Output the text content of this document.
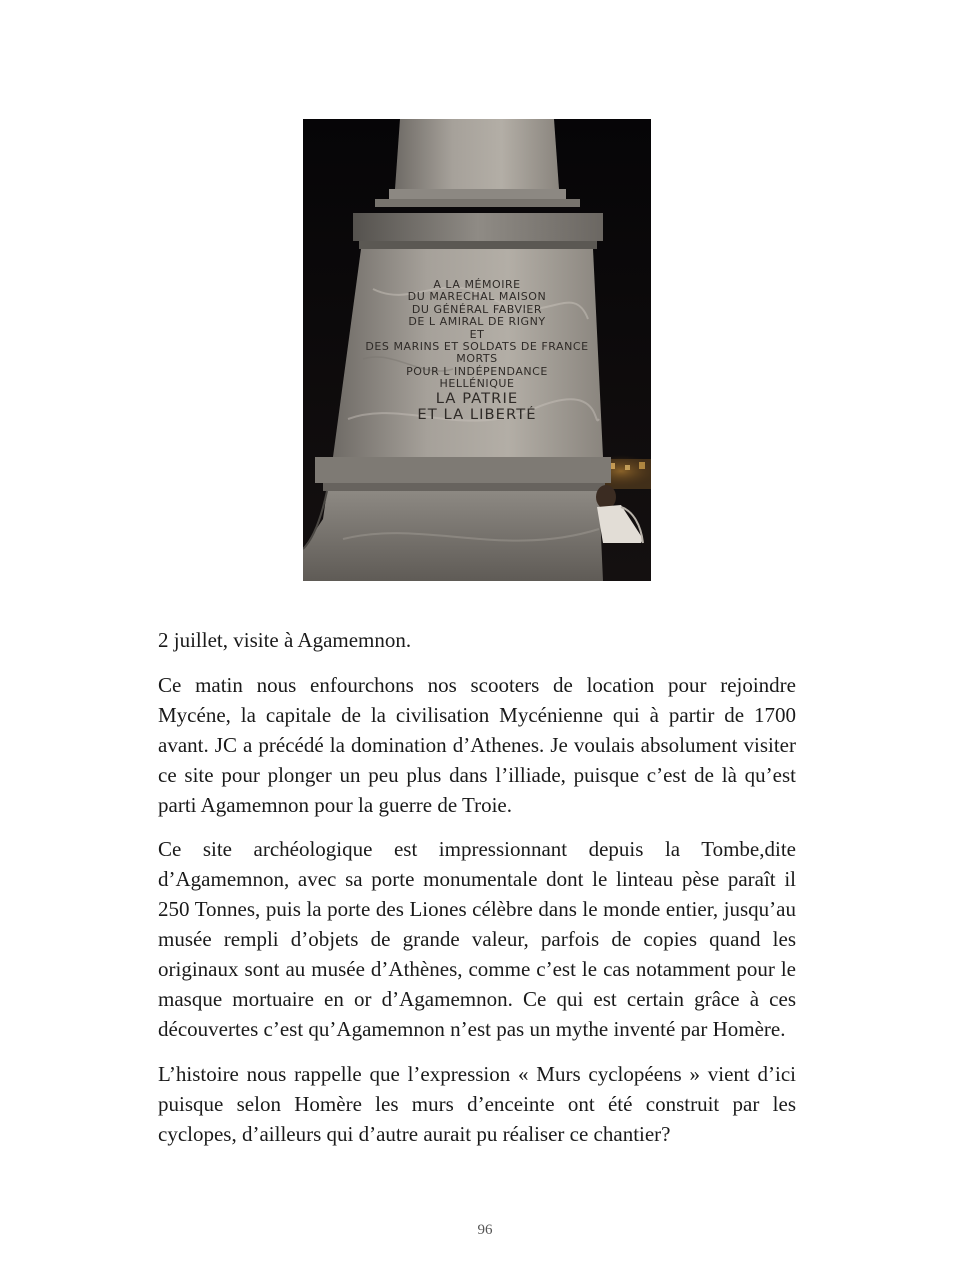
A LA MÉMOIRE
DU MARECHAL MAISON
DU GÉNÉRAL FABVIER
DE L AMIRAL DE RIGNY
ET
DES MARINS ET SOLDATS DE FRANCE
MORTS
POUR L INDÉPENDANCE
HELLÉNIQUE
LA PATRIE
ET LA LIBERTÉ

2 juillet, visite à Agamemnon.

Ce matin nous enfourchons nos scooters de location pour rejoindre Mycéne, la capitale de la civilisation Mycénienne qui à partir de 1700 avant. JC a précédé la domination d’Athenes. Je voulais absolument visiter ce site pour plonger un peu plus dans l’illiade, puisque c’est de là qu’est parti Agamemnon pour la guerre de Troie.

Ce site archéologique est impressionnant depuis la Tombe,dite d’Agamemnon, avec sa porte monumentale dont le linteau pèse paraît il 250 Tonnes, puis la porte des Liones célèbre dans le monde entier, jusqu’au musée rempli d’objets de grande valeur, parfois de copies quand les originaux sont au musée d’Athènes, comme c’est le cas notamment pour le masque mortuaire en or d’Agamemnon. Ce qui est certain grâce à ces découvertes c’est qu’Agamemnon n’est pas un mythe inventé par Homère.

L’histoire nous rappelle que l’expression « Murs cyclopéens » vient d’ici puisque selon Homère les murs d’enceinte ont été construit par les cyclopes, d’ailleurs qui d’autre aurait pu réaliser ce chantier?

96
